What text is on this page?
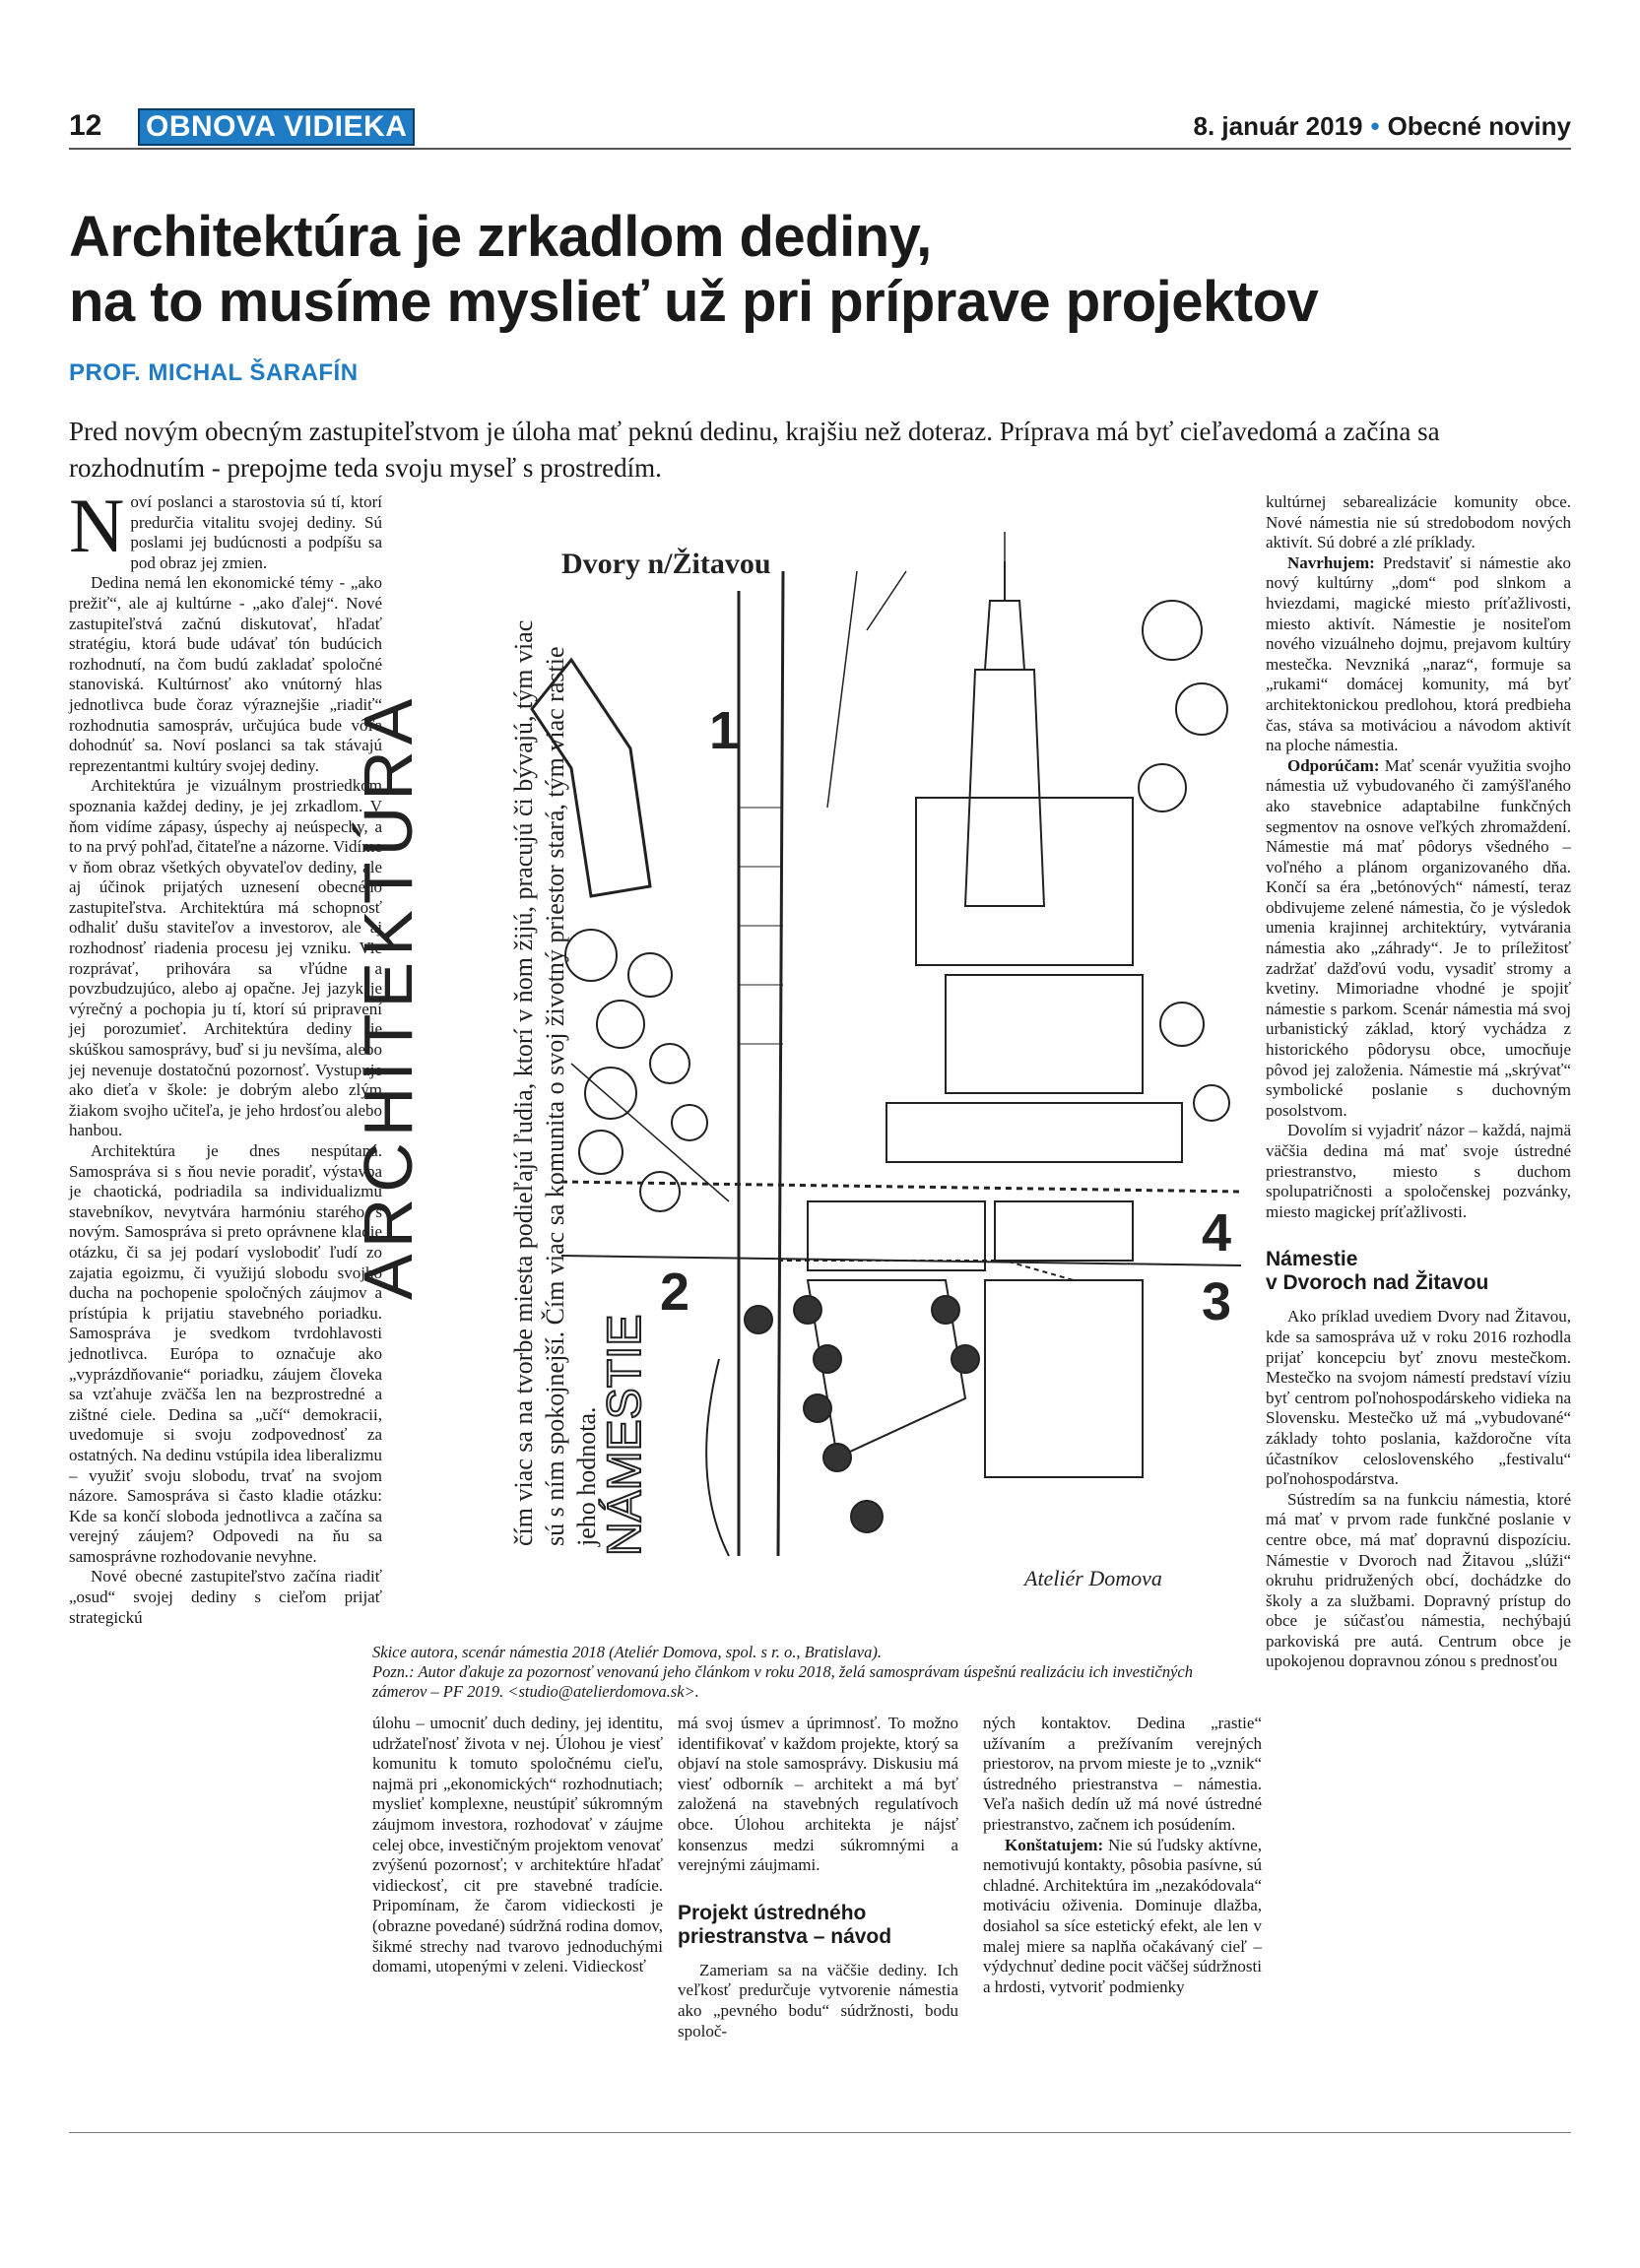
12 OBNOVA VIDIEKA	8. január 2019 • Obecné noviny
Architektúra je zrkadlom dediny,
na to musíme myslieť už pri príprave projektov
PROF. MICHAL ŠARAFÍN
Pred novým obecným zastupiteľstvom je úloha mať peknú dedinu, krajšiu než doteraz. Príprava má byť cieľavedomá a začína sa rozhodnutím - prepojme teda svoju myseľ s prostredím.

Noví poslanci a starostovia sú tí, ktorí predurčia vitalitu svojej dediny. Sú poslami jej budúcnosti a podpíšu sa pod obraz jej zmien.

Dedina nemá len ekonomické témy - „ako prežiť“, ale aj kultúrne - „ako ďalej“. Nové zastupiteľstvá začnú diskutovať, hľadať stratégiu, ktorá bude udávať tón budúcich rozhodnutí, na čom budú zakladať spoločné stanoviská. Kultúrnosť ako vnútorný hlas jednotlivca bude čoraz výraznejšie „riadiť“ rozhodnutia samospráv, určujúca bude vôľa dohodnúť sa. Noví poslanci sa tak stávajú reprezentantmi kultúry svojej dediny.

Architektúra je vizuálnym prostriedkom spoznania každej dediny, je jej zrkadlom. V ňom vidíme zápasy, úspechy aj neúspechy, a to na prvý pohľad, čitateľne a názorne. Vidíme v ňom obraz všetkých obyvateľov dediny, ale aj účinok prijatých uznesení obecného zastupiteľstva. Architektúra má schopnosť odhaliť dušu staviteľov a investorov, ale aj rozhodnosť riadenia procesu jej vzniku. Vie rozprávať, prihovára sa vľúdne a povzbudzujúco, alebo aj opačne. Jej jazyk je výrečný a pochopia ju tí, ktorí sú pripravení jej porozumieť. Architektúra dediny je skúškou samosprávy, buď si ju nevšíma, alebo jej nevenuje dostatočnú pozornosť. Vystupuje ako dieťa v škole: je dobrým alebo zlým žiakom svojho učiteľa, je jeho hrdosťou alebo hanbou.

Architektúra je dnes nespútaná. Samospráva si s ňou nevie poradiť, výstavba je chaotická, podriadila sa individualizmu stavebníkov, nevytvára harmóniu starého s novým. Samospráva si preto oprávnene kladie otázku, či sa jej podarí vyslobodiť ľudí zo zajatia egoizmu, či využijú slobodu svojho ducha na pochopenie spoločných záujmov a prístúpia k prijatiu stavebného poriadku. Samospráva je svedkom tvrdohlavosti jednotlivca. Európa to označuje ako „vyprázdňovanie“ poriadku, záujem človeka sa vzťahuje zväčša len na bezprostredné a zištné ciele. Dedina sa „učí“ demokracii, uvedomuje si svoju zodpovednosť za ostatných. Na dedinu vstúpila idea liberalizmu – využiť svoju slobodu, trvať na svojom názore. Samospráva si často kladie otázku: Kde sa končí sloboda jednotlivca a začína sa verejný záujem? Odpovedi na ňu sa samosprávne rozhodovanie nevyhne.

Nové obecné zastupiteľstvo začína riadiť „osud“ svojej dediny s cieľom prijať strategickú

ARCHITEKTÚRA	čím viac sa na tvorbe miesta podieľajú ľudia, ktorí v ňom žijú, pracujú či bývajú, tým viac sú s ním spokojnejší. Čím viac sa komunita o svoj životný priestor stará, tým viac rastie jeho hodnota.
NÁMESTIE
Dvory n/Žitavou
1
2	3
4
Ateliér Domova
Skice autora, scenár námestia 2018 (Ateliér Domova, spol. s r. o., Bratislava).
Pozn.: Autor ďakuje za pozornosť venovanú jeho článkom v roku 2018, želá samosprávam úspešnú realizáciu ich investičných zámerov – PF 2019. <studio@atelierdomova.sk>.

úlohu – umocniť duch dediny, jej identitu, udržateľnosť života v nej. Úlohou je viesť komunitu k tomuto spoločnému cieľu, najmä pri „ekonomických“ rozhodnutiach; myslieť komplexne, neustúpiť súkromným záujmom investora, rozhodovať v záujme celej obce, investičným projektom venovať zvýšenú pozornosť; v architektúre hľadať vidieckosť, cit pre stavebné tradície. Pripomínam, že čarom vidieckosti je (obrazne povedané) súdržná rodina domov, šikmé strechy nad tvarovo jednoduchými domami, utopenými v zeleni. Vidieckosť

má svoj úsmev a úprimnosť. To možno identifikovať v každom projekte, ktorý sa objaví na stole samosprávy. Diskusiu má viesť odborník – architekt a má byť založená na stavebných regulatívoch obce. Úlohou architekta je nájsť konsenzus medzi súkromnými a verejnými záujmami.

Projekt ústredného priestranstva – návod

Zameriam sa na väčšie dediny. Ich veľkosť predurčuje vytvorenie námestia ako „pevného bodu“ súdržnosti, bodu spoloč-

ných kontaktov. Dedina „rastie“ užívaním a prežívaním verejných priestorov, na prvom mieste je to „vznik“ ústredného priestranstva – námestia. Veľa našich dedín už má nové ústredné priestranstvo, začnem ich posúdením.

Konštatujem: Nie sú ľudsky aktívne, nemotivujú kontakty, pôsobia pasívne, sú chladné. Architektúra im „nezakódovala“ motiváciu oživenia. Dominuje dlažba, dosiahol sa síce estetický efekt, ale len v malej miere sa naplňa očakávaný cieľ – výdychnuť dedine pocit väčšej súdržnosti a hrdosti, vytvoriť podmienky

kultúrnej sebarealizácie komunity obce. Nové námestia nie sú stredobodom nových aktivít. Sú dobré a zlé príklady.

Navrhujem: Predstaviť si námestie ako nový kultúrny „dom“ pod slnkom a hviezdami, magické miesto príťažlivosti, miesto aktivít. Námestie je nositeľom nového vizuálneho dojmu, prejavom kultúry mestečka. Nevzniká „naraz“, formuje sa „rukami“ domácej komunity, má byť architektonickou predlohou, ktorá predbieha čas, stáva sa motiváciou a návodom aktivít na ploche námestia.

Odporúčam: Mať scenár využitia svojho námestia už vybudovaného či zamýšľaného ako stavebnice adaptabilne funkčných segmentov na osnove veľkých zhromaždení. Námestie má mať pôdorys všedného – voľného a plánom organizovaného dňa. Končí sa éra „betónových“ námestí, teraz obdivujeme zelené námestia, čo je výsledok umenia krajinnej architektúry, vytvárania námestia ako „záhrady“. Je to príležitosť zadržať dažďovú vodu, vysadiť stromy a kvetiny. Mimoriadne vhodné je spojiť námestie s parkom. Scenár námestia má svoj urbanistický základ, ktorý vychádza z historického pôdorysu obce, umocňuje pôvod jej založenia. Námestie má „skrývať“ symbolické poslanie s duchovným posolstvom.

Dovolím si vyjadriť názor – každá, najmä väčšia dedina má mať svoje ústredné priestranstvo, miesto s duchom spolupatričnosti a spoločenskej pozvánky, miesto magickej príťažlivosti.

Námestie
v Dvoroch nad Žitavou

Ako príklad uvediem Dvory nad Žitavou, kde sa samospráva už v roku 2016 rozhodla prijať koncepciu byť znovu mestečkom. Mestečko na svojom námestí predstaví víziu byť centrom poľnohospodárskeho vidieka na Slovensku. Mestečko už má „vybudované“ základy tohto poslania, každoročne víta účastníkov celoslovenského „festivalu“ poľnohospodárstva.

Sústredím sa na funkciu námestia, ktoré má mať v prvom rade funkčné poslanie v centre obce, má mať dopravnú dispozíciu. Námestie v Dvoroch nad Žitavou „slúži“ okruhu pridružených obcí, dochádzke do školy a za službami. Dopravný prístup do obce je súčasťou námestia, nechýbajú parkoviská pre autá. Centrum obce je upokojenou dopravnou zónou s prednosťou
